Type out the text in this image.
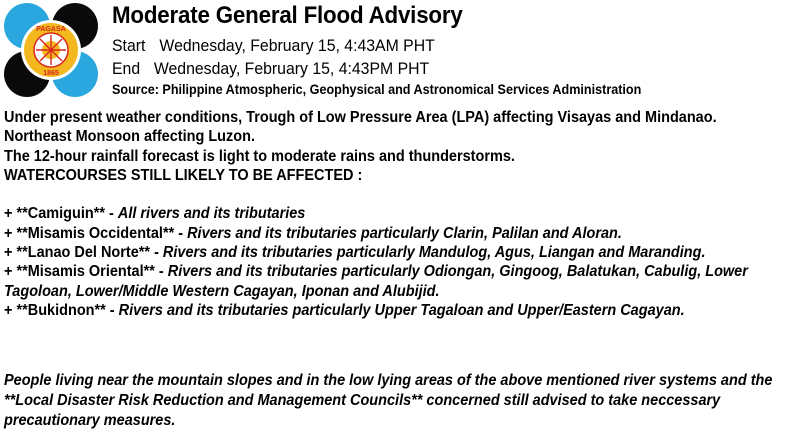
PAGASA
1865
Moderate General Flood Advisory
Start Wednesday, February 15, 4:43AM PHT
End Wednesday, February 15, 4:43PM PHT
Source: Philippine Atmospheric, Geophysical and Astronomical Services Administration

Under present weather conditions, Trough of Low Pressure Area (LPA) affecting Visayas and Mindanao.

Northeast Monsoon affecting Luzon.

The 12-hour rainfall forecast is light to moderate rains and thunderstorms.

WATERCOURSES STILL LIKELY TO BE AFFECTED :

+ **Camiguin** - All rivers and its tributaries

+ **Misamis Occidental** - Rivers and its tributaries particularly Clarin, Palilan and Aloran.

+ **Lanao Del Norte** - Rivers and its tributaries particularly Mandulog, Agus, Liangan and Maranding.

+ **Misamis Oriental** - Rivers and its tributaries particularly Odiongan, Gingoog, Balatukan, Cabulig, Lower Tagoloan, Lower/Middle Western Cagayan, Iponan and Alubijid.

+ **Bukidnon** - Rivers and its tributaries particularly Upper Tagaloan and Upper/Eastern Cagayan.

People living near the mountain slopes and in the low lying areas of the above mentioned river systems and the **Local Disaster Risk Reduction and Management Councils** concerned still advised to take neccessary precautionary measures.
